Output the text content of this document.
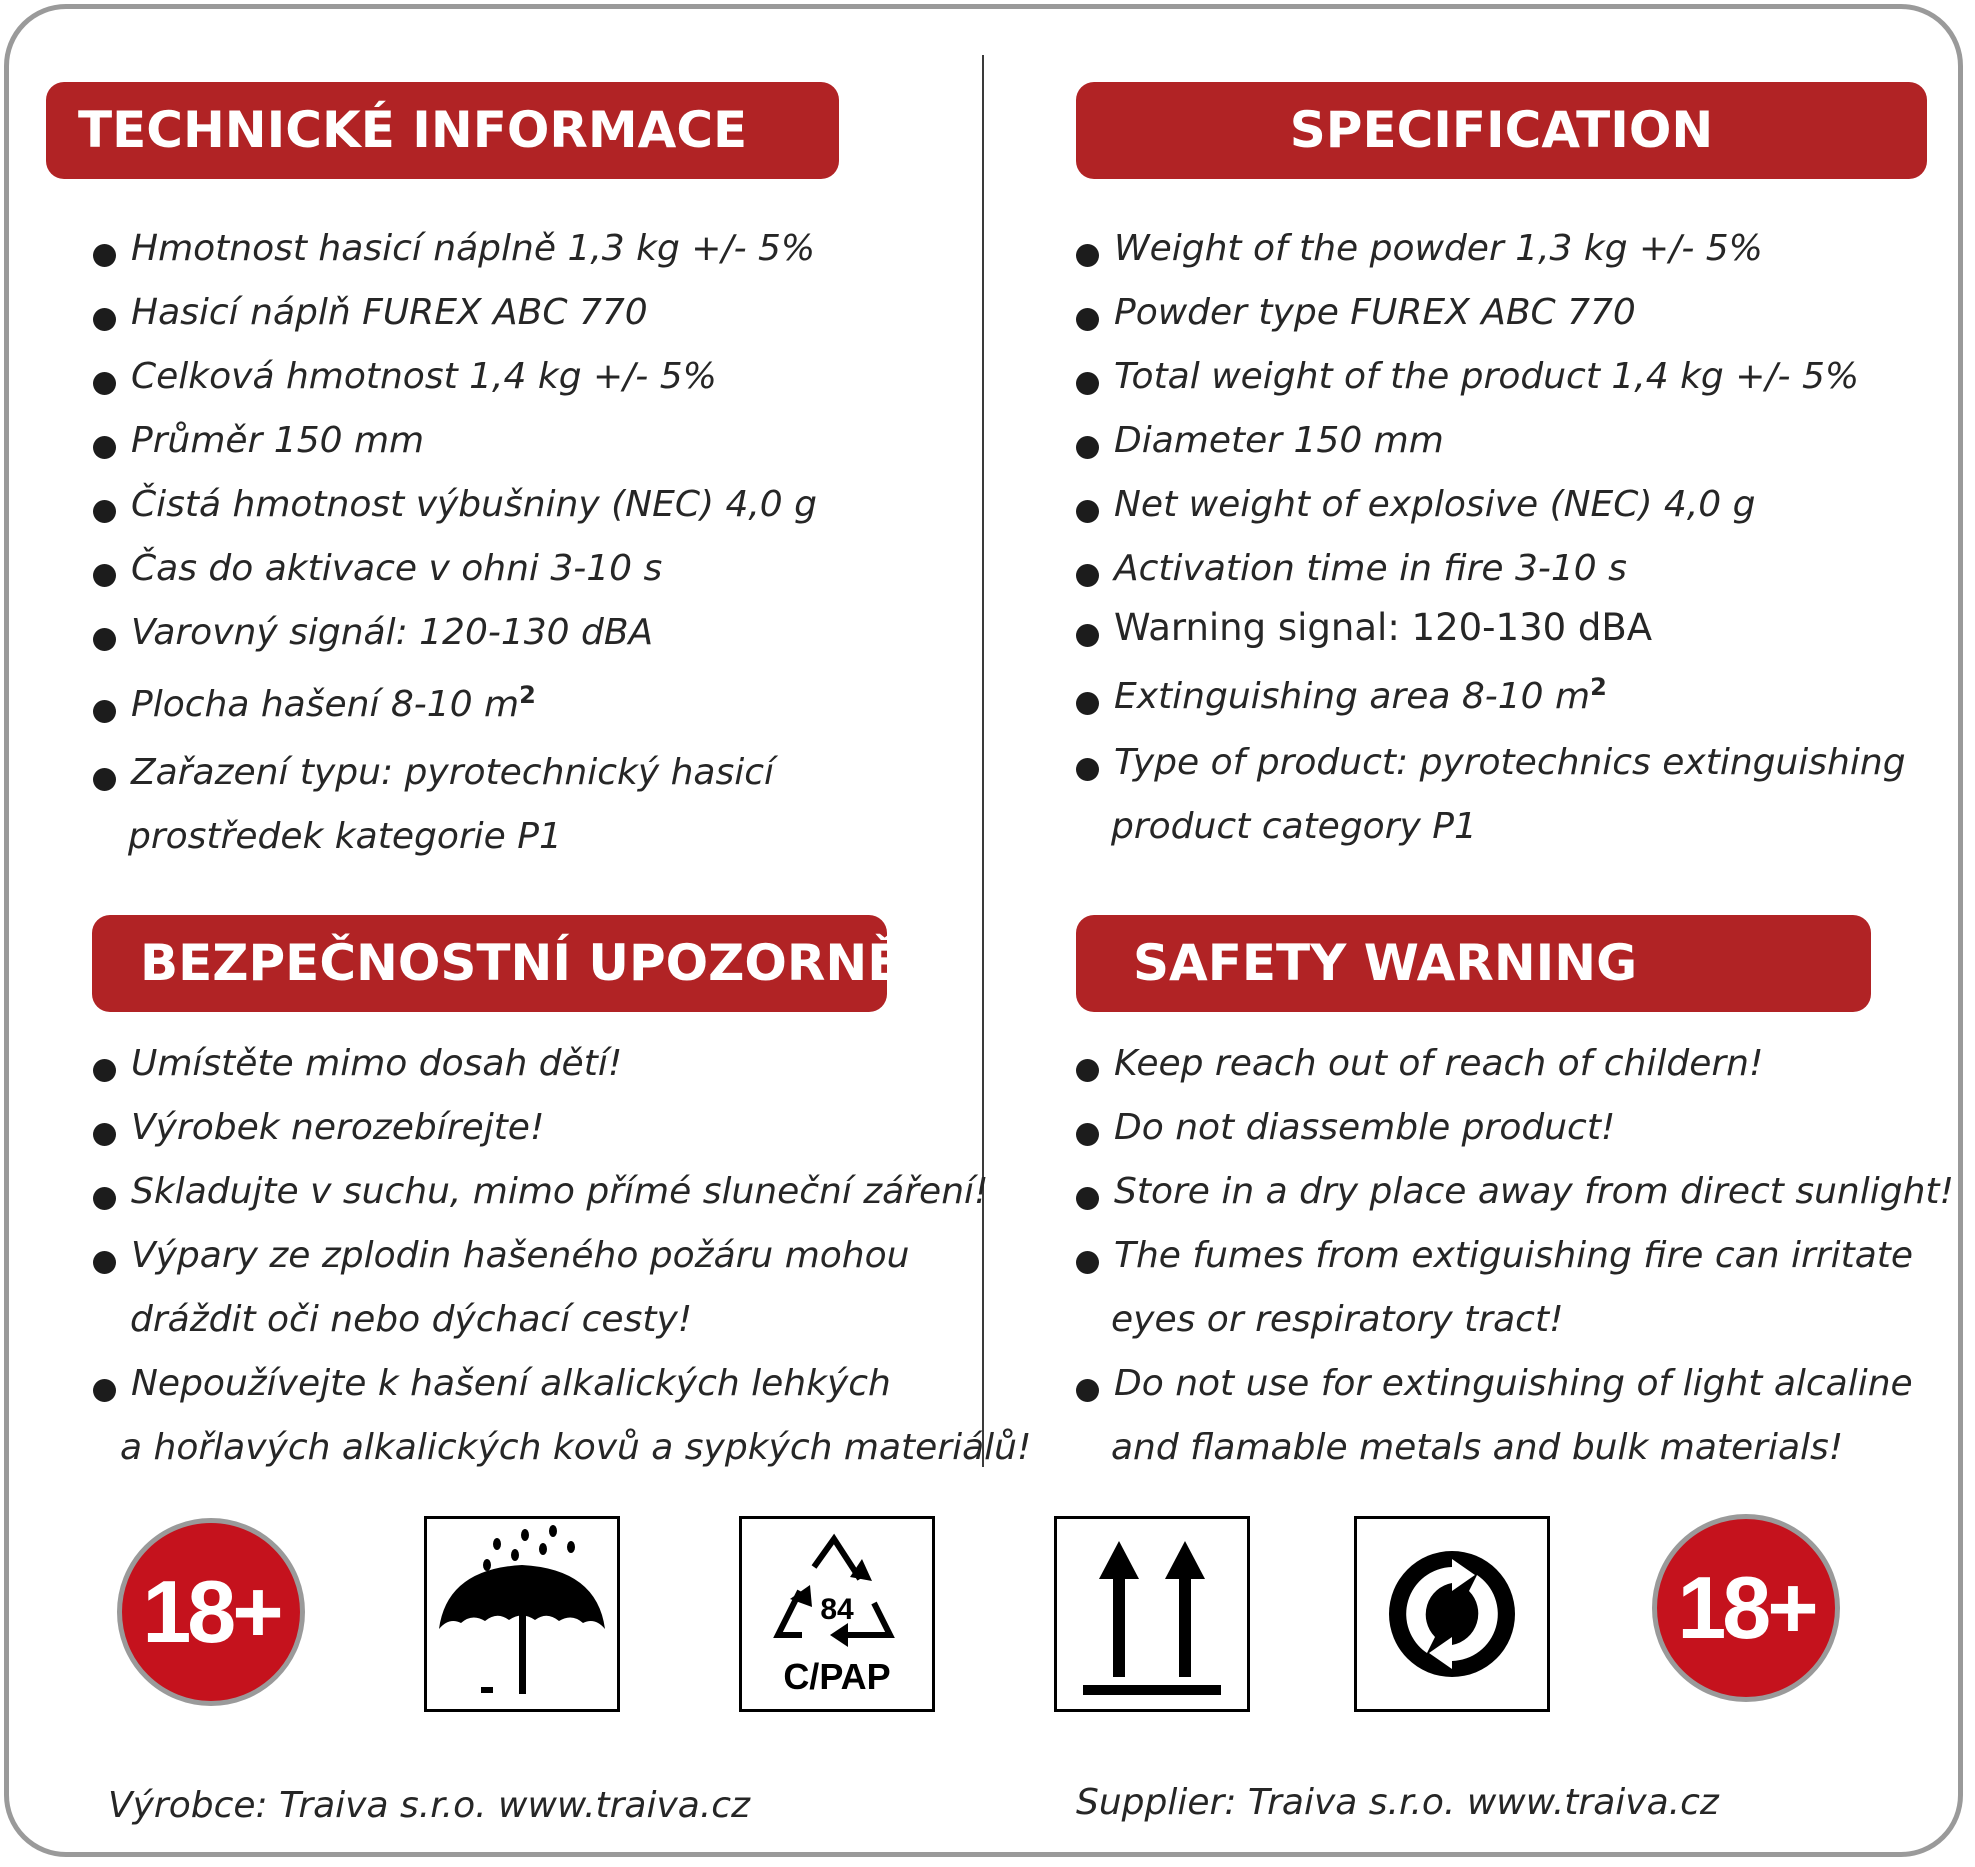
TECHNICKÉ INFORMACE
Hmotnost hasicí náplně 1,3 kg +/- 5%
Hasicí náplň FUREX ABC 770
Celková hmotnost 1,4 kg +/- 5%
Průměr 150 mm
Čistá hmotnost výbušniny (NEC) 4,0 g
Čas do aktivace v ohni 3-10 s
Varovný signál: 120-130 dBA
Plocha hašení 8-10 $m^2$
Zařazení typu: pyrotechnický hasicí
prostředek kategorie P1
BEZPEČNOSTNÍ UPOZORNĚNÍ
Umístěte mimo dosah dětí!
Výrobek nerozebírejte!
Skladujte v suchu, mimo přímé sluneční záření!
Výpary ze zplodin hašeného požáru mohou
Nepoužívejte k hašení alkalických lehkých
dráždit oči nebo dýchací cesty!
a hořlavých alkalických kovů a sypkých materiálů!
SPECIFICATION
Weight of the powder 1,3 kg +/- 5%
Powder type FUREX ABC 770
Total weight of the product 1,4 kg +/- 5%
Diameter 150 mm
Net weight of explosive (NEC) 4,0 g
Activation time in fire 3-10 s
Warning signal: 120-130 dBA
Extinguishing area 8-10 $m^2$
Type of product: pyrotechnics extinguishing
product category P1
SAFETY WARNING
Keep reach out of reach of childern!
Do not diassemble product!
Store in a dry place away from direct sunlight!
The fumes from extiguishing fire can irritate
Do not use for extinguishing of light alcaline
eyes or respiratory tract!
and flamable metals and bulk materials!
18+	84
C/PAP
18+
Výrobce: Traiva s.r.o. www.traiva.cz	Supplier: Traiva s.r.o. www.traiva.cz
